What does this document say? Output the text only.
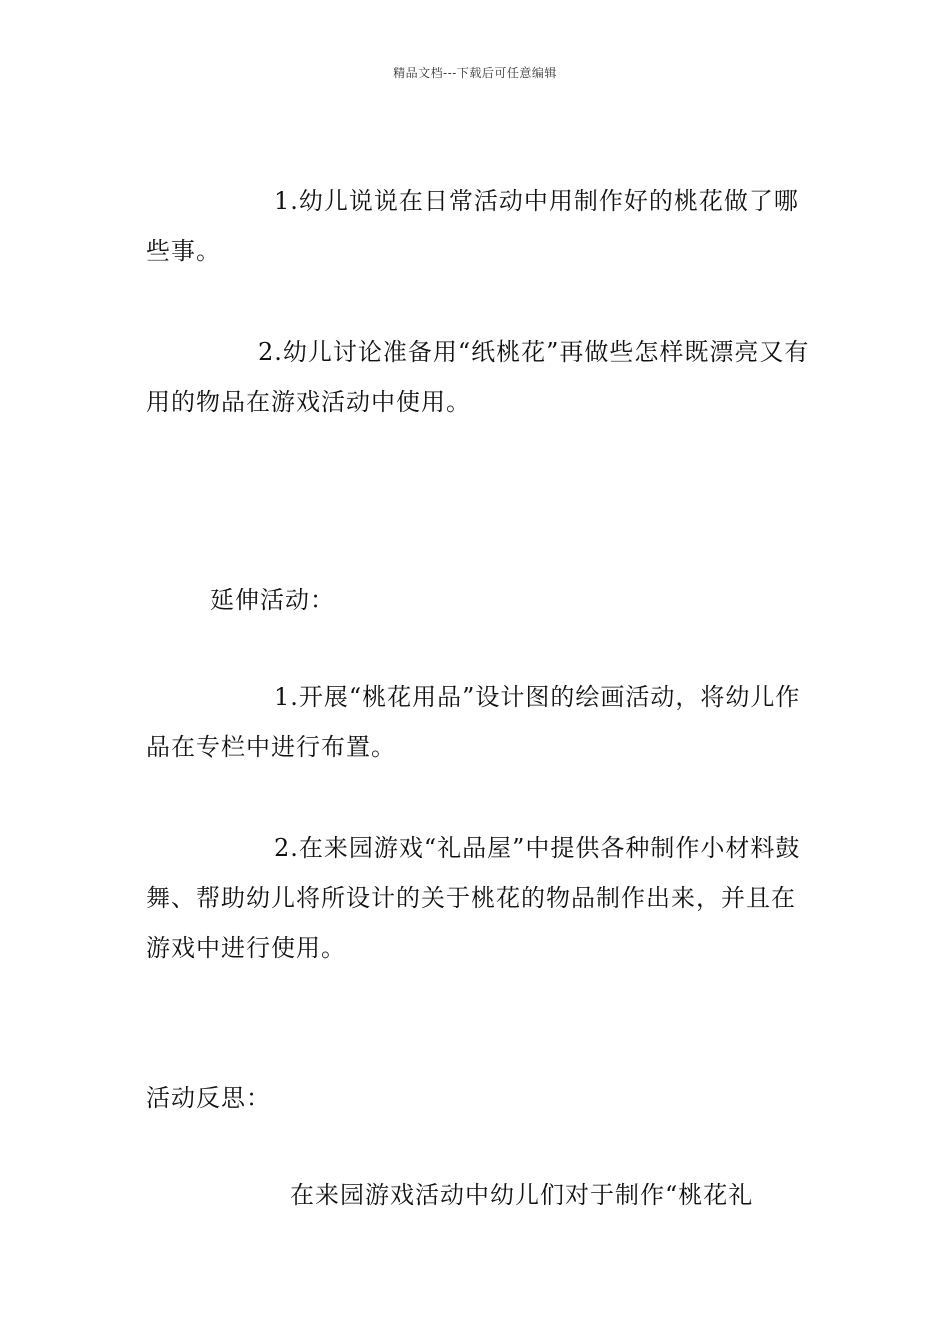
精品文档---下载后可任意编辑

1.幼儿说说在日常活动中用制作好的桃花做了哪些事。

2.幼儿讨论准备用“纸桃花”再做些怎样既漂亮又有用的物品在游戏活动中使用。

延伸活动：

1.开展“桃花用品”设计图的绘画活动，将幼儿作品在专栏中进行布置。

2.在来园游戏“礼品屋”中提供各种制作小材料鼓舞、帮助幼儿将所设计的关于桃花的物品制作出来，并且在游戏中进行使用。

活动反思：

在来园游戏活动中幼儿们对于制作“桃花礼
